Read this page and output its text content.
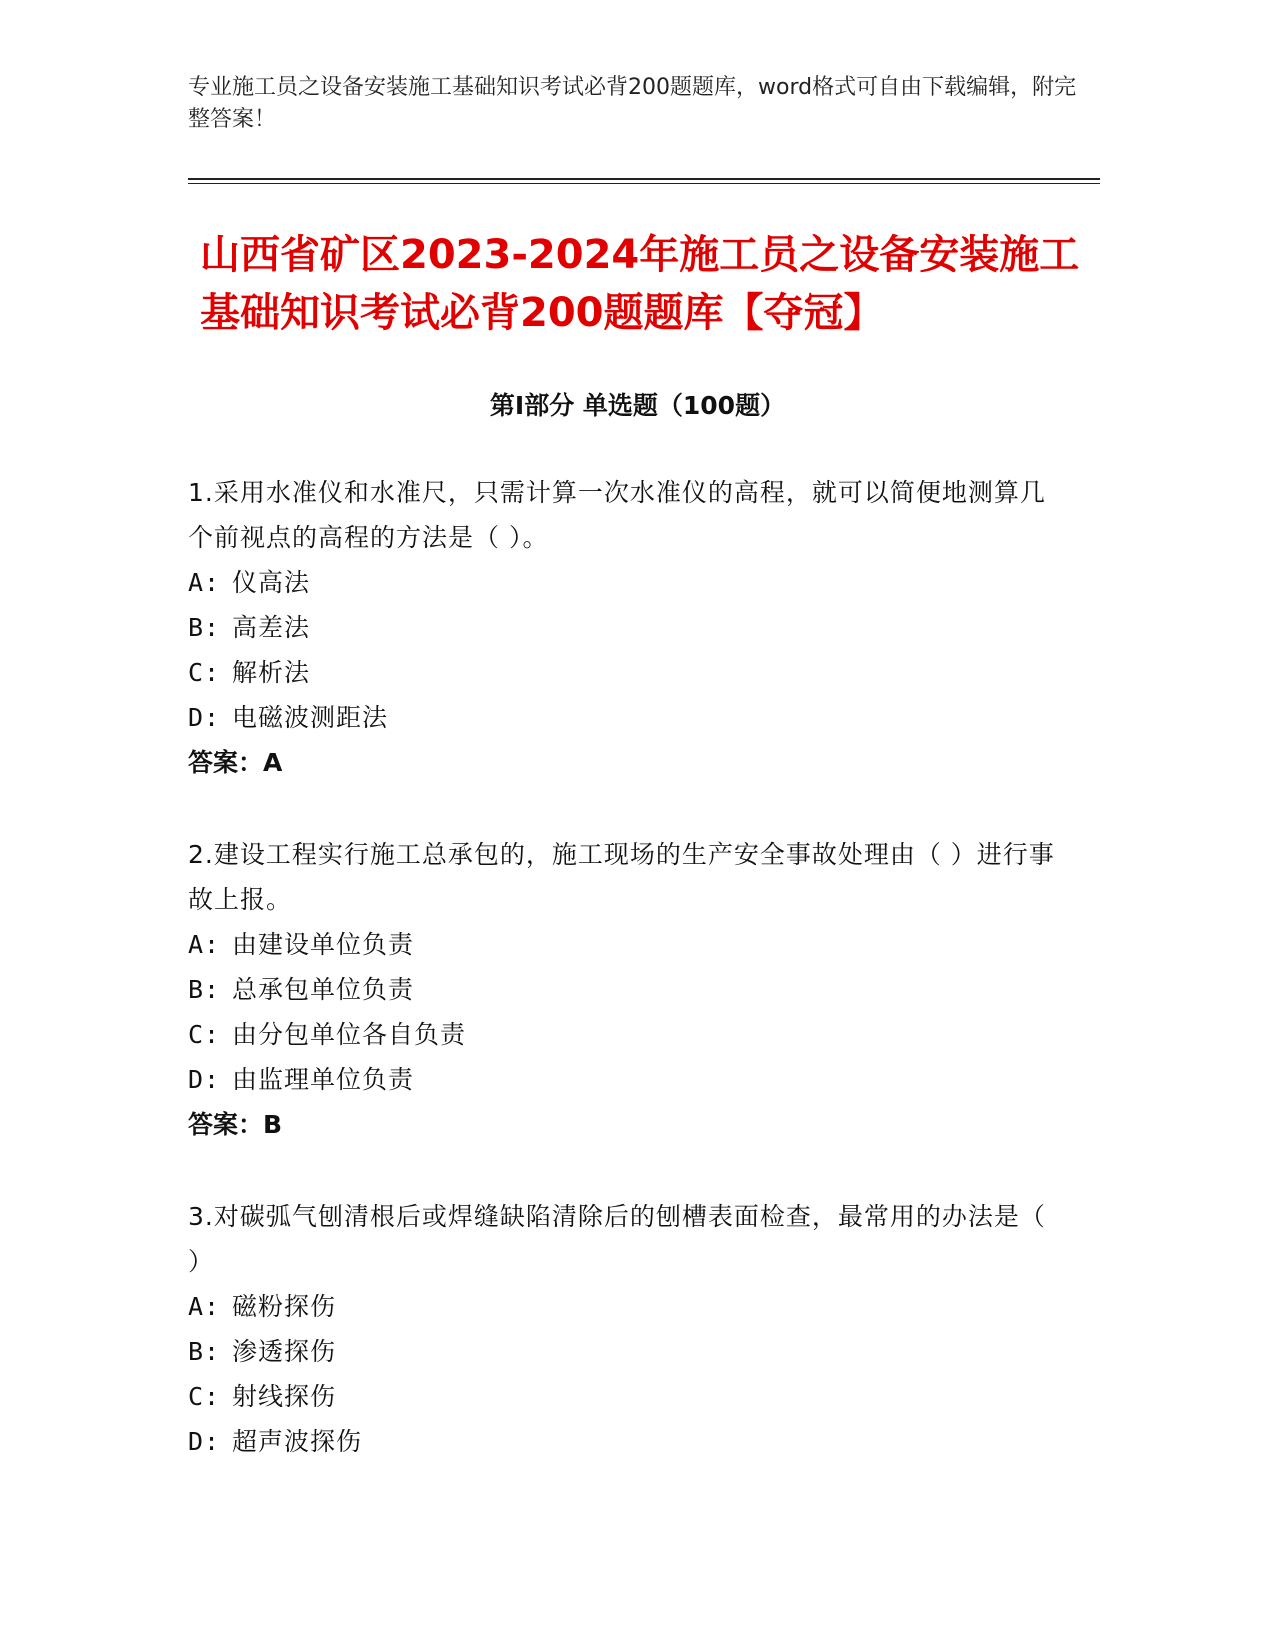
专业施工员之设备安装施工基础知识考试必背200题题库，word格式可自由下载编辑，附完整答案！
山西省矿区2023-2024年施工员之设备安装施工基础知识考试必背200题题库【夺冠】
第Ⅰ部分 单选题（100题）
1.采用水准仪和水准尺，只需计算一次水准仪的高程，就可以简便地测算几个前视点的高程的方法是（ ）。
A: 仪高法
B: 高差法
C: 解析法
D: 电磁波测距法
答案：A
2.建设工程实行施工总承包的，施工现场的生产安全事故处理由（ ）进行事故上报。
A: 由建设单位负责
B: 总承包单位负责
C: 由分包单位各自负责
D: 由监理单位负责
答案：B
3.对碳弧气刨清根后或焊缝缺陷清除后的刨槽表面检查，最常用的办法是（ ）
A: 磁粉探伤
B: 渗透探伤
C: 射线探伤
D: 超声波探伤
